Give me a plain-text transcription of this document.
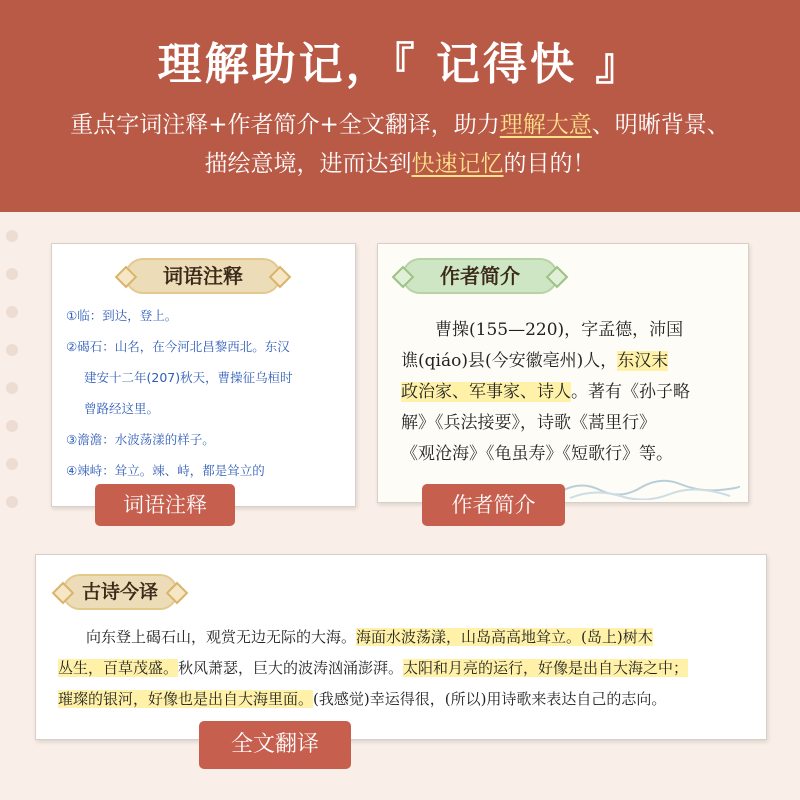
理解助记，『 记得快 』
重点字词注释+作者简介+全文翻译，助力理解大意、明晰背景、
描绘意境，进而达到快速记忆的目的！
词语注释
①临：到达，登上。
②碣石：山名，在今河北昌黎西北。东汉
建安十二年(207)秋天，曹操征乌桓时
曾路经这里。
③澹澹：水波荡漾的样子。
④竦峙：耸立。竦、峙，都是耸立的
作者简介
曹操(155—220)，字孟德，沛国
谯(qiáo)县(今安徽亳州)人，东汉末
政治家、军事家、诗人。著有《孙子略
解》《兵法接要》，诗歌《蒿里行》
《观沧海》《龟虽寿》《短歌行》等。
古诗今译
向东登上碣石山，观赏无边无际的大海。海面水波荡漾，山岛高高地耸立。(岛上)树木
丛生，百草茂盛。秋风萧瑟，巨大的波涛汹涌澎湃。太阳和月亮的运行，好像是出自大海之中；
璀璨的银河，好像也是出自大海里面。(我感觉)幸运得很，(所以)用诗歌来表达自己的志向。
词语注释	作者简介
全文翻译
